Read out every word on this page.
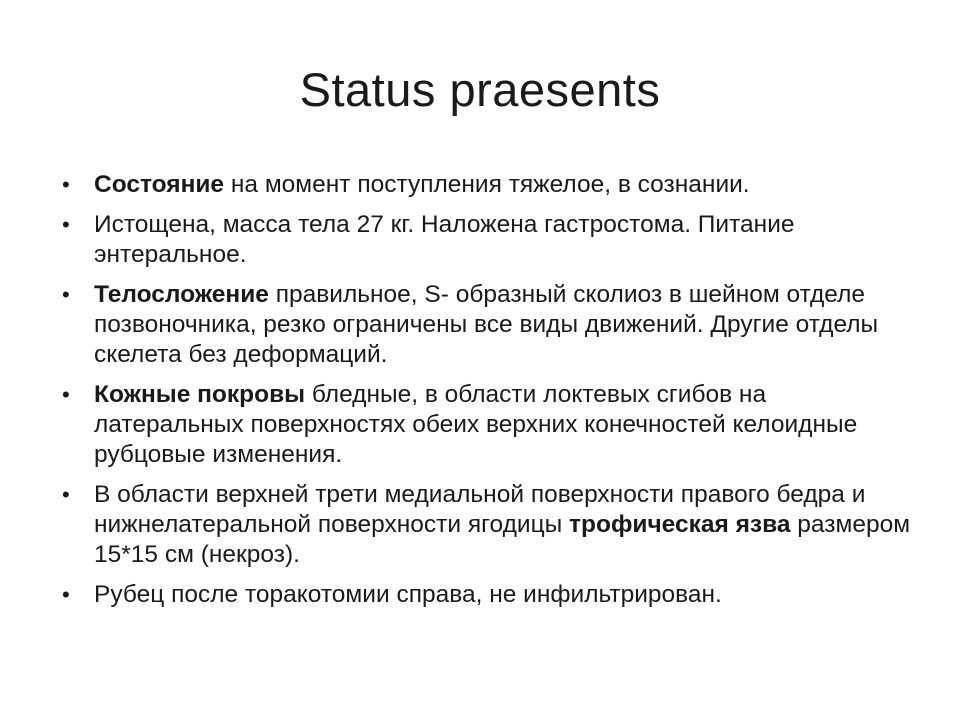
Status praesents
• Состояние на момент поступления тяжелое, в сознании.
• Истощена, масса тела 27 кг. Наложена гастростома. Питание энтеральное.
• Телосложение правильное, S- образный сколиоз в шейном отделе позвоночника, резко ограничены все виды движений. Другие отделы скелета без деформаций.
• Кожные покровы бледные, в области локтевых сгибов на латеральных поверхностях обеих верхних конечностей келоидные рубцовые изменения.
• В области верхней трети медиальной поверхности правого бедра и нижнелатеральной поверхности ягодицы трофическая язва размером 15*15 см (некроз).
• Рубец после торакотомии справа, не инфильтрирован.
